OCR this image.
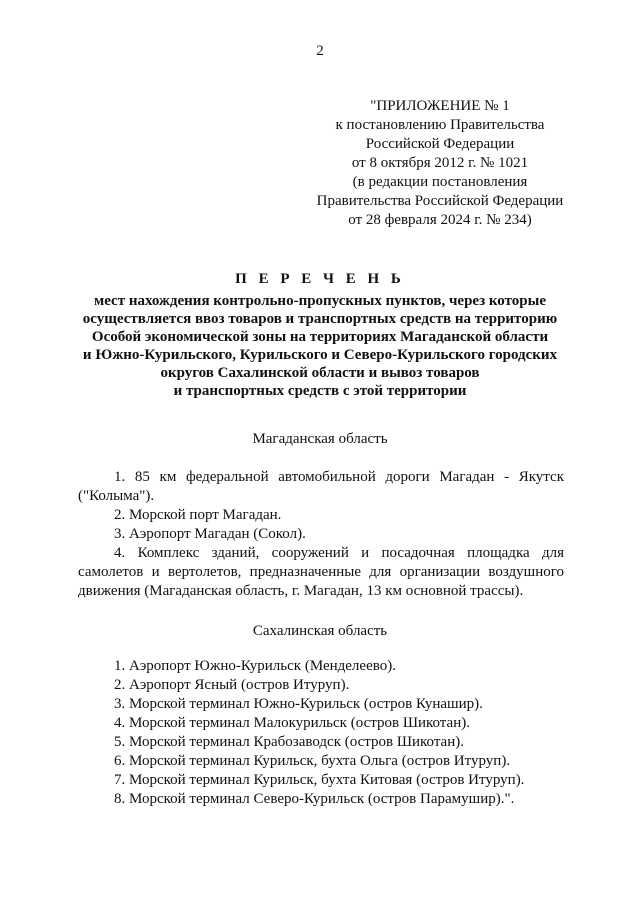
2
"ПРИЛОЖЕНИЕ № 1
к постановлению Правительства
Российской Федерации
от 8 октября 2012 г. № 1021
(в редакции постановления
Правительства Российской Федерации
от 28 февраля 2024 г. № 234)
П Е Р Е Ч Е Н Ь
мест нахождения контрольно-пропускных пунктов, через которые
осуществляется ввоз товаров и транспортных средств на территорию
Особой экономической зоны на территориях Магаданской области
и Южно-Курильского, Курильского и Северо-Курильского городских
округов Сахалинской области и вывоз товаров
и транспортных средств с этой территории
Магаданская область
1. 85 км федеральной автомобильной дороги Магадан - Якутск
("Колыма").
2. Морской порт Магадан.
3. Аэропорт Магадан (Сокол).
4. Комплекс зданий, сооружений и посадочная площадка для
самолетов и вертолетов, предназначенные для организации воздушного
движения (Магаданская область, г. Магадан, 13 км основной трассы).
Сахалинская область
1. Аэропорт Южно-Курильск (Менделеево).
2. Аэропорт Ясный (остров Итуруп).
3. Морской терминал Южно-Курильск (остров Кунашир).
4. Морской терминал Малокурильск (остров Шикотан).
5. Морской терминал Крабозаводск (остров Шикотан).
6. Морской терминал Курильск, бухта Ольга (остров Итуруп).
7. Морской терминал Курильск, бухта Китовая (остров Итуруп).
8. Морской терминал Северо-Курильск (остров Парамушир).".
